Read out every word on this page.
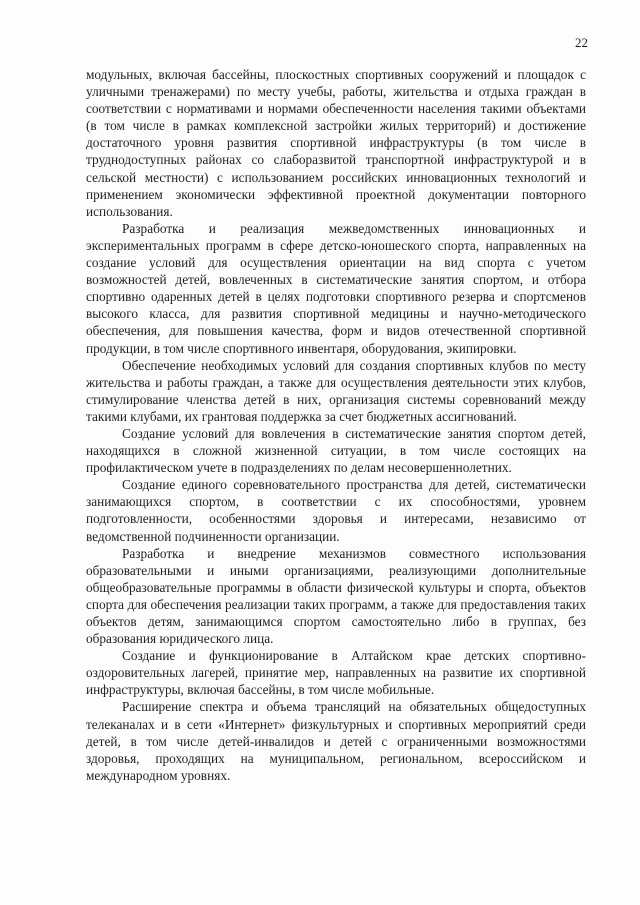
22

модульных, включая бассейны, плоскостных спортивных сооружений и площадок с уличными тренажерами) по месту учебы, работы, жительства и отдыха граждан в соответствии с нормативами и нормами обеспеченности населения такими объектами (в том числе в рамках комплексной застройки жилых территорий) и достижение достаточного уровня развития спортивной инфраструктуры (в том числе в труднодоступных районах со слаборазвитой транспортной инфраструктурой и в сельской местности) с использованием российских инновационных технологий и применением экономически эффективной проектной документации повторного использования.

Разработка и реализация межведомственных инновационных и экспериментальных программ в сфере детско-юношеского спорта, направленных на создание условий для осуществления ориентации на вид спорта с учетом возможностей детей, вовлеченных в систематические занятия спортом, и отбора спортивно одаренных детей в целях подготовки спортивного резерва и спортсменов высокого класса, для развития спортивной медицины и научно-методического обеспечения, для повышения качества, форм и видов отечественной спортивной продукции, в том числе спортивного инвентаря, оборудования, экипировки.

Обеспечение необходимых условий для создания спортивных клубов по месту жительства и работы граждан, а также для осуществления деятельности этих клубов, стимулирование членства детей в них, организация системы соревнований между такими клубами, их грантовая поддержка за счет бюджетных ассигнований.

Создание условий для вовлечения в систематические занятия спортом детей, находящихся в сложной жизненной ситуации, в том числе состоящих на профилактическом учете в подразделениях по делам несовершеннолетних.

Создание единого соревновательного пространства для детей, систематически занимающихся спортом, в соответствии с их способностями, уровнем подготовленности, особенностями здоровья и интересами, независимо от ведомственной подчиненности организации.

Разработка и внедрение механизмов совместного использования образовательными и иными организациями, реализующими дополнительные общеобразовательные программы в области физической культуры и спорта, объектов спорта для обеспечения реализации таких программ, а также для предоставления таких объектов детям, занимающимся спортом самостоятельно либо в группах, без образования юридического лица.

Создание и функционирование в Алтайском крае детских спортивно-оздоровительных лагерей, принятие мер, направленных на развитие их спортивной инфраструктуры, включая бассейны, в том числе мобильные.

Расширение спектра и объема трансляций на обязательных общедоступных телеканалах и в сети «Интернет» физкультурных и спортивных мероприятий среди детей, в том числе детей-инвалидов и детей с ограниченными возможностями здоровья, проходящих на муниципальном, региональном, всероссийском и международном уровнях.
